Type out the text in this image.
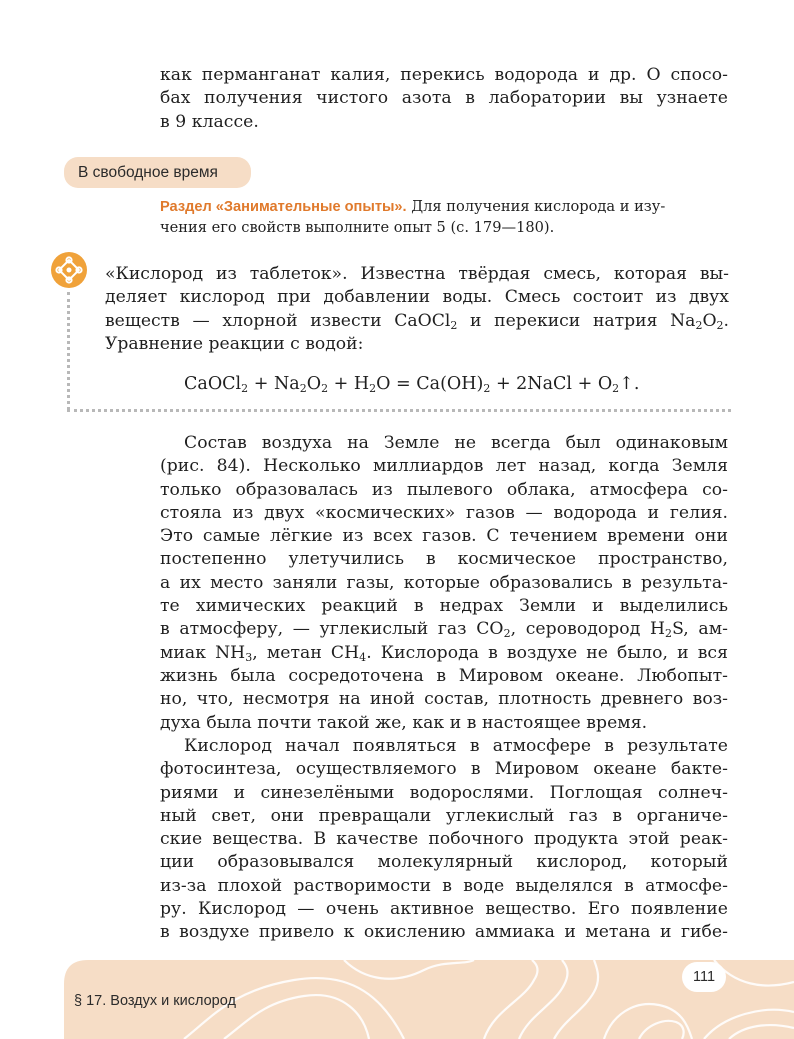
как перманганат калия, перекись водорода и др. О спосо-
бах получения чистого азота в лаборатории вы узнаете
в 9 классе.
В свободное время
Раздел «Занимательные опыты». Для получения кислорода и изу-
чения его свойств выполните опыт 5 (с. 179—180).
«Кислород из таблеток». Известна твёрдая смесь, которая вы-
деляет кислород при добавлении воды. Смесь состоит из двух
веществ — хлорной извести CaOCl$_2$ и перекиси натрия $Na_2O_2$.
Уравнение реакции с водой:
CaOCl$_2$ + $Na_2O_2 + H_2O = Ca(OH)_2$ + 2NaCl + $O_2↑$.
Состав воздуха на Земле не всегда был одинаковым
(рис. 84). Несколько миллиардов лет назад, когда Земля
только образовалась из пылевого облака, атмосфера со-
стояла из двух «космических» газов — водорода и гелия.
Это самые лёгкие из всех газов. С течением времени они
постепенно улетучились в космическое пространство,
а их место заняли газы, которые образовались в результа-
те химических реакций в недрах Земли и выделились
в атмосферу, — углекислый газ $CO_2$, сероводород $H_2S$, ам-
миак $NH_3$, метан $CH_4$. Кислорода в воздухе не было, и вся
жизнь была сосредоточена в Мировом океане. Любопыт-
но, что, несмотря на иной состав, плотность древнего воз-
духа была почти такой же, как и в настоящее время.
Кислород начал появляться в атмосфере в результате
фотосинтеза, осуществляемого в Мировом океане бакте-
риями и синезелёными водорослями. Поглощая солнеч-
ный свет, они превращали углекислый газ в органиче-
ские вещества. В качестве побочного продукта этой реак-
ции образовывался молекулярный кислород, который
из-за плохой растворимости в воде выделялся в атмосфе-
ру. Кислород — очень активное вещество. Его появление
в воздухе привело к окислению аммиака и метана и гибе-
111
§ 17. Воздух и кислород
